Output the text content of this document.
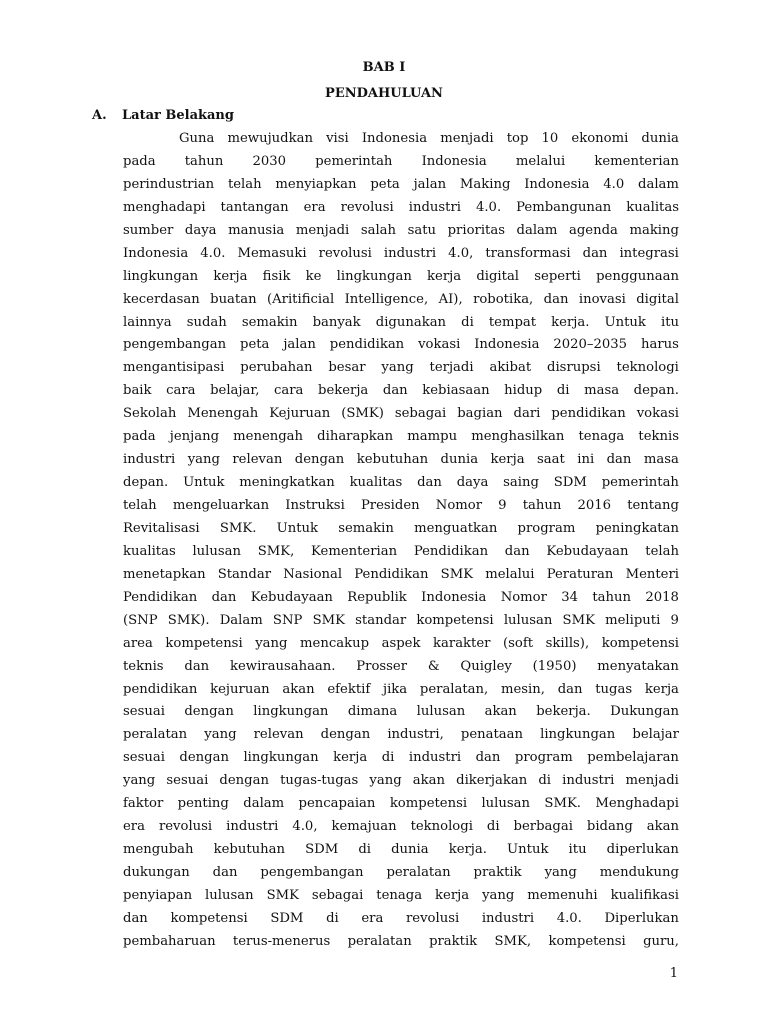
BAB I

PENDAHULUAN

A. Latar Belakang

Guna mewujudkan visi Indonesia menjadi top 10 ekonomi dunia
pada tahun 2030 pemerintah Indonesia melalui kementerian
perindustrian telah menyiapkan peta jalan Making Indonesia 4.0 dalam
menghadapi tantangan era revolusi industri 4.0. Pembangunan kualitas
sumber daya manusia menjadi salah satu prioritas dalam agenda making
Indonesia 4.0. Memasuki revolusi industri 4.0, transformasi dan integrasi
lingkungan kerja fisik ke lingkungan kerja digital seperti penggunaan
kecerdasan buatan (Aritificial Intelligence, AI), robotika, dan inovasi digital
lainnya sudah semakin banyak digunakan di tempat kerja. Untuk itu
pengembangan peta jalan pendidikan vokasi Indonesia 2020–2035 harus
mengantisipasi perubahan besar yang terjadi akibat disrupsi teknologi
baik cara belajar, cara bekerja dan kebiasaan hidup di masa depan.
Sekolah Menengah Kejuruan (SMK) sebagai bagian dari pendidikan vokasi
pada jenjang menengah diharapkan mampu menghasilkan tenaga teknis
industri yang relevan dengan kebutuhan dunia kerja saat ini dan masa
depan. Untuk meningkatkan kualitas dan daya saing SDM pemerintah
telah mengeluarkan Instruksi Presiden Nomor 9 tahun 2016 tentang
Revitalisasi SMK. Untuk semakin menguatkan program peningkatan
kualitas lulusan SMK, Kementerian Pendidikan dan Kebudayaan telah
menetapkan Standar Nasional Pendidikan SMK melalui Peraturan Menteri
Pendidikan dan Kebudayaan Republik Indonesia Nomor 34 tahun 2018
(SNP SMK). Dalam SNP SMK standar kompetensi lulusan SMK meliputi 9
area kompetensi yang mencakup aspek karakter (soft skills), kompetensi
teknis dan kewirausahaan. Prosser & Quigley (1950) menyatakan
pendidikan kejuruan akan efektif jika peralatan, mesin, dan tugas kerja
sesuai dengan lingkungan dimana lulusan akan bekerja. Dukungan
peralatan yang relevan dengan industri, penataan lingkungan belajar
sesuai dengan lingkungan kerja di industri dan program pembelajaran
yang sesuai dengan tugas-tugas yang akan dikerjakan di industri menjadi
faktor penting dalam pencapaian kompetensi lulusan SMK. Menghadapi
era revolusi industri 4.0, kemajuan teknologi di berbagai bidang akan
mengubah kebutuhan SDM di dunia kerja. Untuk itu diperlukan
dukungan dan pengembangan peralatan praktik yang mendukung
penyiapan lulusan SMK sebagai tenaga kerja yang memenuhi kualifikasi
dan kompetensi SDM di era revolusi industri 4.0. Diperlukan
pembaharuan terus-menerus peralatan praktik SMK, kompetensi guru,

1
